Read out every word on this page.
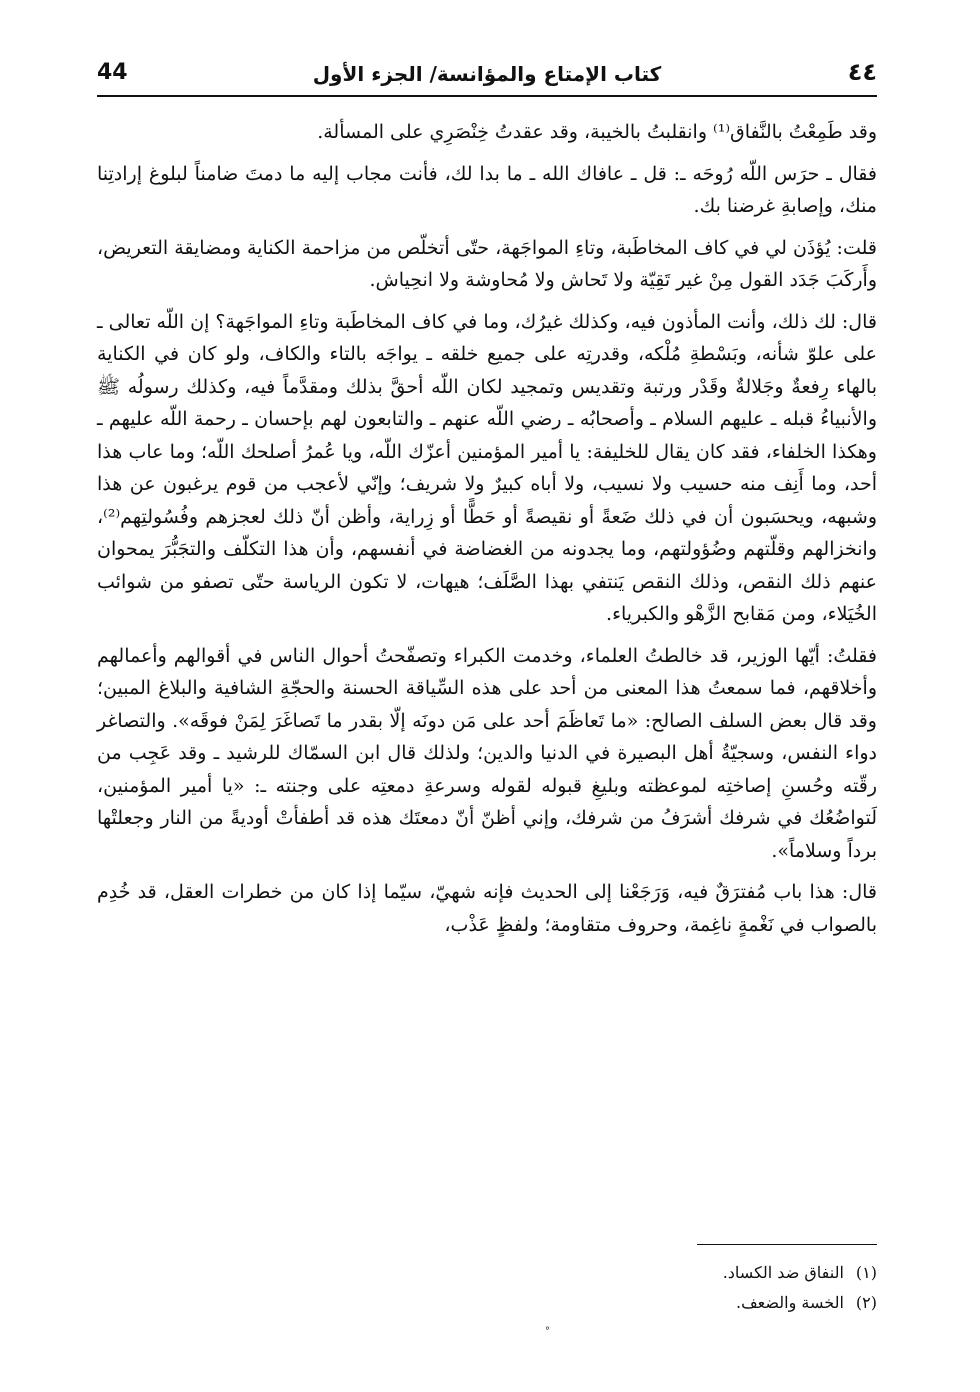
44	كتاب الإمتاع والمؤانسة/ الجزء الأول	٤٤

وقد طَمِعْتُ بالنَّفاق⁽¹⁾ وانقلبتُ بالخيبة، وقد عقدتُ خِنْصَرِي على المسألة.

فقال ـ حرَس اللّه رُوحَه ـ: قل ـ عافاك الله ـ ما بدا لك، فأنت مجاب إليه ما دمتَ ضامناً لبلوغ إرادتِنا منك، وإصابةِ غرضنا بك.

قلت: يُؤذَن لي في كاف المخاطَبة، وتاءِ المواجَهة، حتّى أتخلّص من مزاحمة الكناية ومضايقة التعريض، وأَركَبَ جَدَد القول مِنْ غير تَقِيّة ولا تَحاش ولا مُحاوشة ولا انحِياش.

قال: لك ذلك، وأنت المأذون فيه، وكذلك غيرُك، وما في كاف المخاطَبة وتاءِ المواجَهة؟ إن اللّه تعالى ـ على علوّ شأنه، وبَسْطةِ مُلْكه، وقدرتِه على جميع خلقه ـ يواجَه بالتاء والكاف، ولو كان في الكناية بالهاء رِفعةٌ وجَلالةٌ وقَدْر ورتبة وتقديس وتمجيد لكان اللّه أحقَّ بذلك ومقدَّماً فيه، وكذلك رسولُه ﷺ والأنبياءُ قبله ـ عليهم السلام ـ وأصحابُه ـ رضي اللّه عنهم ـ والتابعون لهم بإحسان ـ رحمة اللّه عليهم ـ وهكذا الخلفاء، فقد كان يقال للخليفة: يا أمير المؤمنين أعزّك اللّه، ويا عُمرُ أصلحك اللّه؛ وما عاب هذا أحد، وما أَنِف منه حسيب ولا نسيب، ولا أباه كبيرٌ ولا شريف؛ وإنّي لأعجب من قوم يرغبون عن هذا وشبهه، ويحسَبون أن في ذلك ضَعةً أو نقيصةً أو حَطًّا أو زِراية، وأظن أنّ ذلك لعجزهم وفُسُولتِهم⁽²⁾، وانخزالهم وقلّتهم وضُؤولتهم، وما يجدونه من الغضاضة في أنفسهم، وأن هذا التكلّف والتجَبُّرَ يمحوان عنهم ذلك النقص، وذلك النقص يَنتفي بهذا الصَّلَف؛ هيهات، لا تكون الرياسة حتّى تصفو من شوائب الخُيَلاء، ومن مَقابح الزَّهْو والكبرياء.

فقلتُ: أيّها الوزير، قد خالطتُ العلماء، وخدمت الكبراء وتصفّحتُ أحوال الناس في أقوالهم وأعمالهم وأخلاقهم، فما سمعتُ هذا المعنى من أحد على هذه السِّياقة الحسنة والحجّةِ الشافية والبلاغ المبين؛ وقد قال بعض السلف الصالح: «ما تَعاظَمَ أحد على مَن دونَه إلّا بقدر ما تَصاغَرَ لِمَنْ فوقَه». والتصاغر دواء النفس، وسجيّةُ أهل البصيرة في الدنيا والدين؛ ولذلك قال ابن السمّاك للرشيد ـ وقد عَجِب من رقّته وحُسنِ إصاختِه لموعظته وبليغِ قبوله لقوله وسرعةِ دمعتِه على وجنته ـ: «يا أمير المؤمنين، لَتواضُعُك في شرفك أشرَفُ من شرفك، وإني أظنّ أنّ دمعتَك هذه قد أطفأتْ أوديةً من النار وجعلتْها برداً وسلاماً».

قال: هذا باب مُفترَقٌ فيه، وَرَجَعْنا إلى الحديث فإنه شهيّ، سيّما إذا كان من خطرات العقل، قد خُدِم بالصواب في نَغْمةٍ ناغِمة، وحروف متقاومة؛ ولفظٍ عَذْب،

(١)النفاق ضد الكساد.

(٢)الخسة والضعف.

°
